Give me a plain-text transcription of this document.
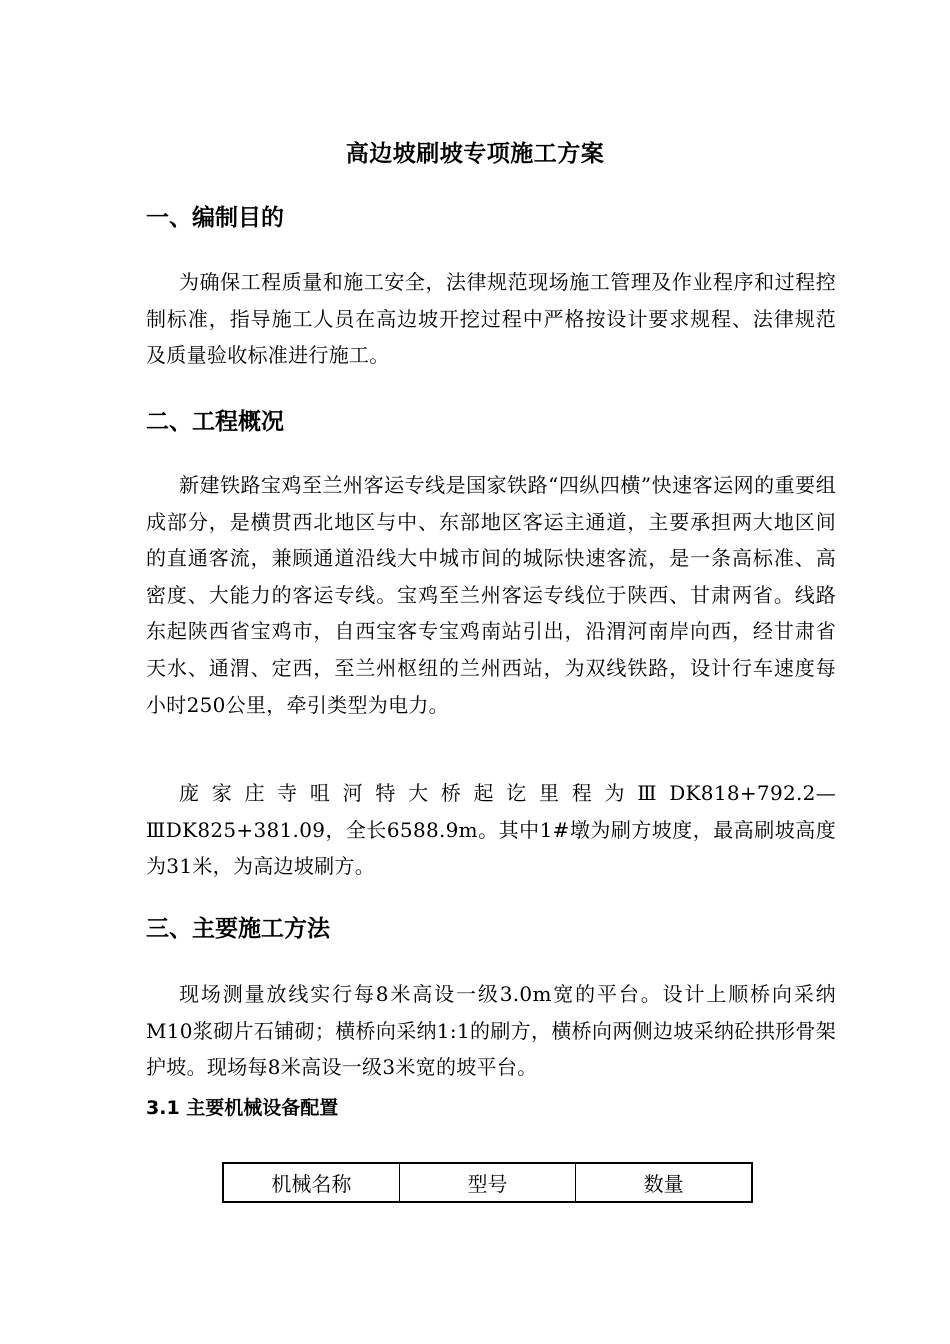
高边坡刷坡专项施工方案
一、编制目的
为确保工程质量和施工安全，法律规范现场施工管理及作业程序和过程控制标准，指导施工人员在高边坡开挖过程中严格按设计要求规程、法律规范及质量验收标准进行施工。
二、工程概况
新建铁路宝鸡至兰州客运专线是国家铁路“四纵四横”快速客运网的重要组成部分，是横贯西北地区与中、东部地区客运主通道，主要承担两大地区间的直通客流，兼顾通道沿线大中城市间的城际快速客流，是一条高标准、高密度、大能力的客运专线。宝鸡至兰州客运专线位于陕西、甘肃两省。线路东起陕西省宝鸡市，自西宝客专宝鸡南站引出，沿渭河南岸向西，经甘肃省天水、通渭、定西，至兰州枢纽的兰州西站，为双线铁路，设计行车速度每小时250公里，牵引类型为电力。
庞家庄寺咀河特大桥起讫里程为ⅢDK818+792.2—ⅢDK825+381.09，全长6588.9m。其中1#墩为刷方坡度，最高刷坡高度为31米，为高边坡刷方。
三、主要施工方法
现场测量放线实行每8米高设一级3.0m宽的平台。设计上顺桥向采纳M10浆砌片石铺砌；横桥向采纳1:1的刷方，横桥向两侧边坡采纳砼拱形骨架护坡。现场每8米高设一级3米宽的坡平台。
3.1 主要机械设备配置
机械名称	型号	数量
